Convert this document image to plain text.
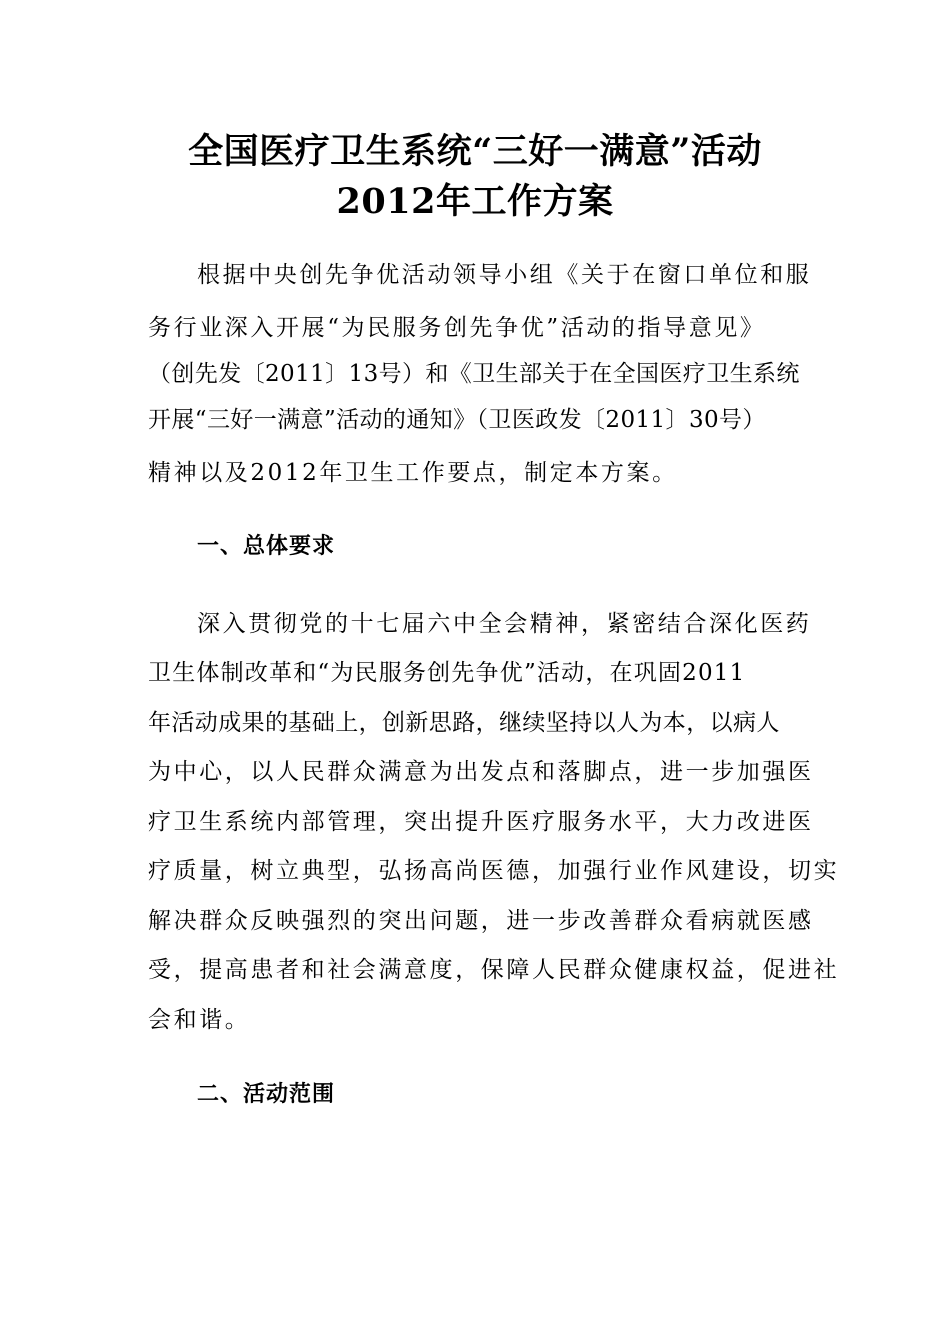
全国医疗卫生系统“三好一满意”活动
2012年工作方案
根据中央创先争优活动领导小组《关于在窗口单位和服
务行业深入开展“为民服务创先争优”活动的指导意见》
（创先发〔2011〕13号）和《卫生部关于在全国医疗卫生系统
开展“三好一满意”活动的通知》（卫医政发〔2011〕30号）
精神以及2012年卫生工作要点，制定本方案。
一、总体要求
深入贯彻党的十七届六中全会精神，紧密结合深化医药
卫生体制改革和“为民服务创先争优”活动，在巩固2011
年活动成果的基础上，创新思路，继续坚持以人为本，以病人
为中心，以人民群众满意为出发点和落脚点，进一步加强医
疗卫生系统内部管理，突出提升医疗服务水平，大力改进医
疗质量，树立典型，弘扬高尚医德，加强行业作风建设，切实
解决群众反映强烈的突出问题，进一步改善群众看病就医感
受，提高患者和社会满意度，保障人民群众健康权益，促进社
会和谐。
二、活动范围
